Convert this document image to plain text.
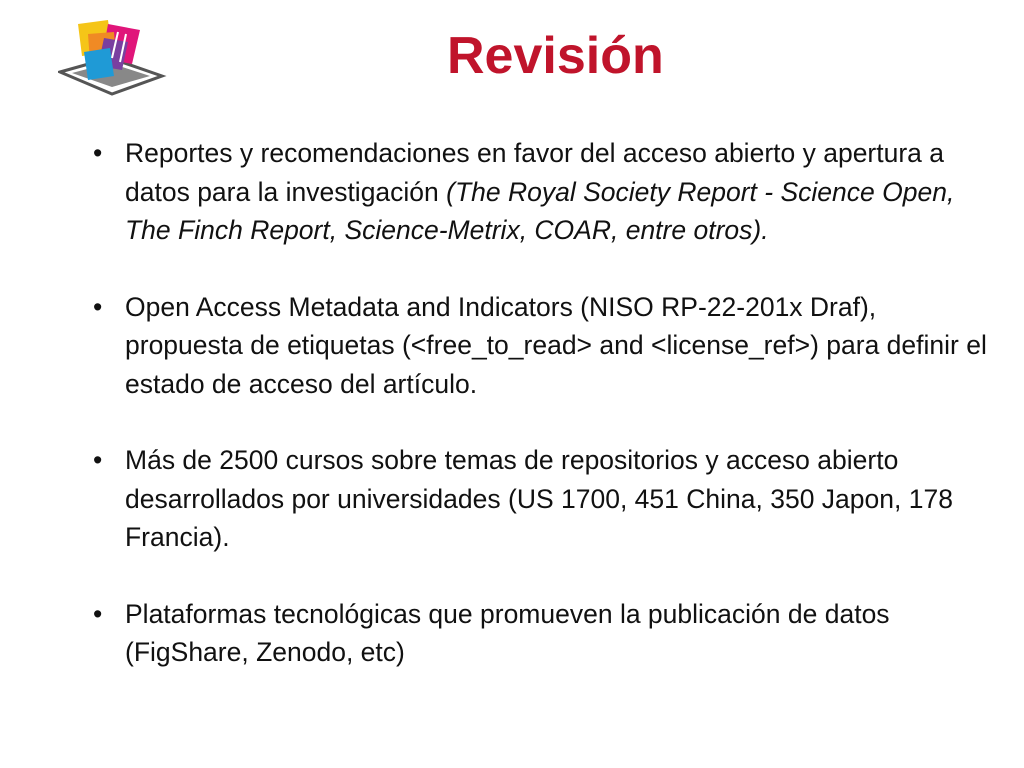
Revisión
• Reportes y recomendaciones en favor del acceso abierto y apertura a datos para la investigación (The Royal Society Report - Science Open, The Finch Report, Science-Metrix, COAR, entre otros).
• Open Access Metadata and Indicators (NISO RP-22-201x Draf), propuesta de etiquetas (<free_to_read> and <license_ref>) para definir el estado de acceso del artículo.
• Más de 2500 cursos sobre temas de repositorios y acceso abierto desarrollados por universidades (US 1700, 451 China, 350 Japon, 178 Francia).
• Plataformas tecnológicas que promueven la publicación de datos (FigShare, Zenodo, etc)
